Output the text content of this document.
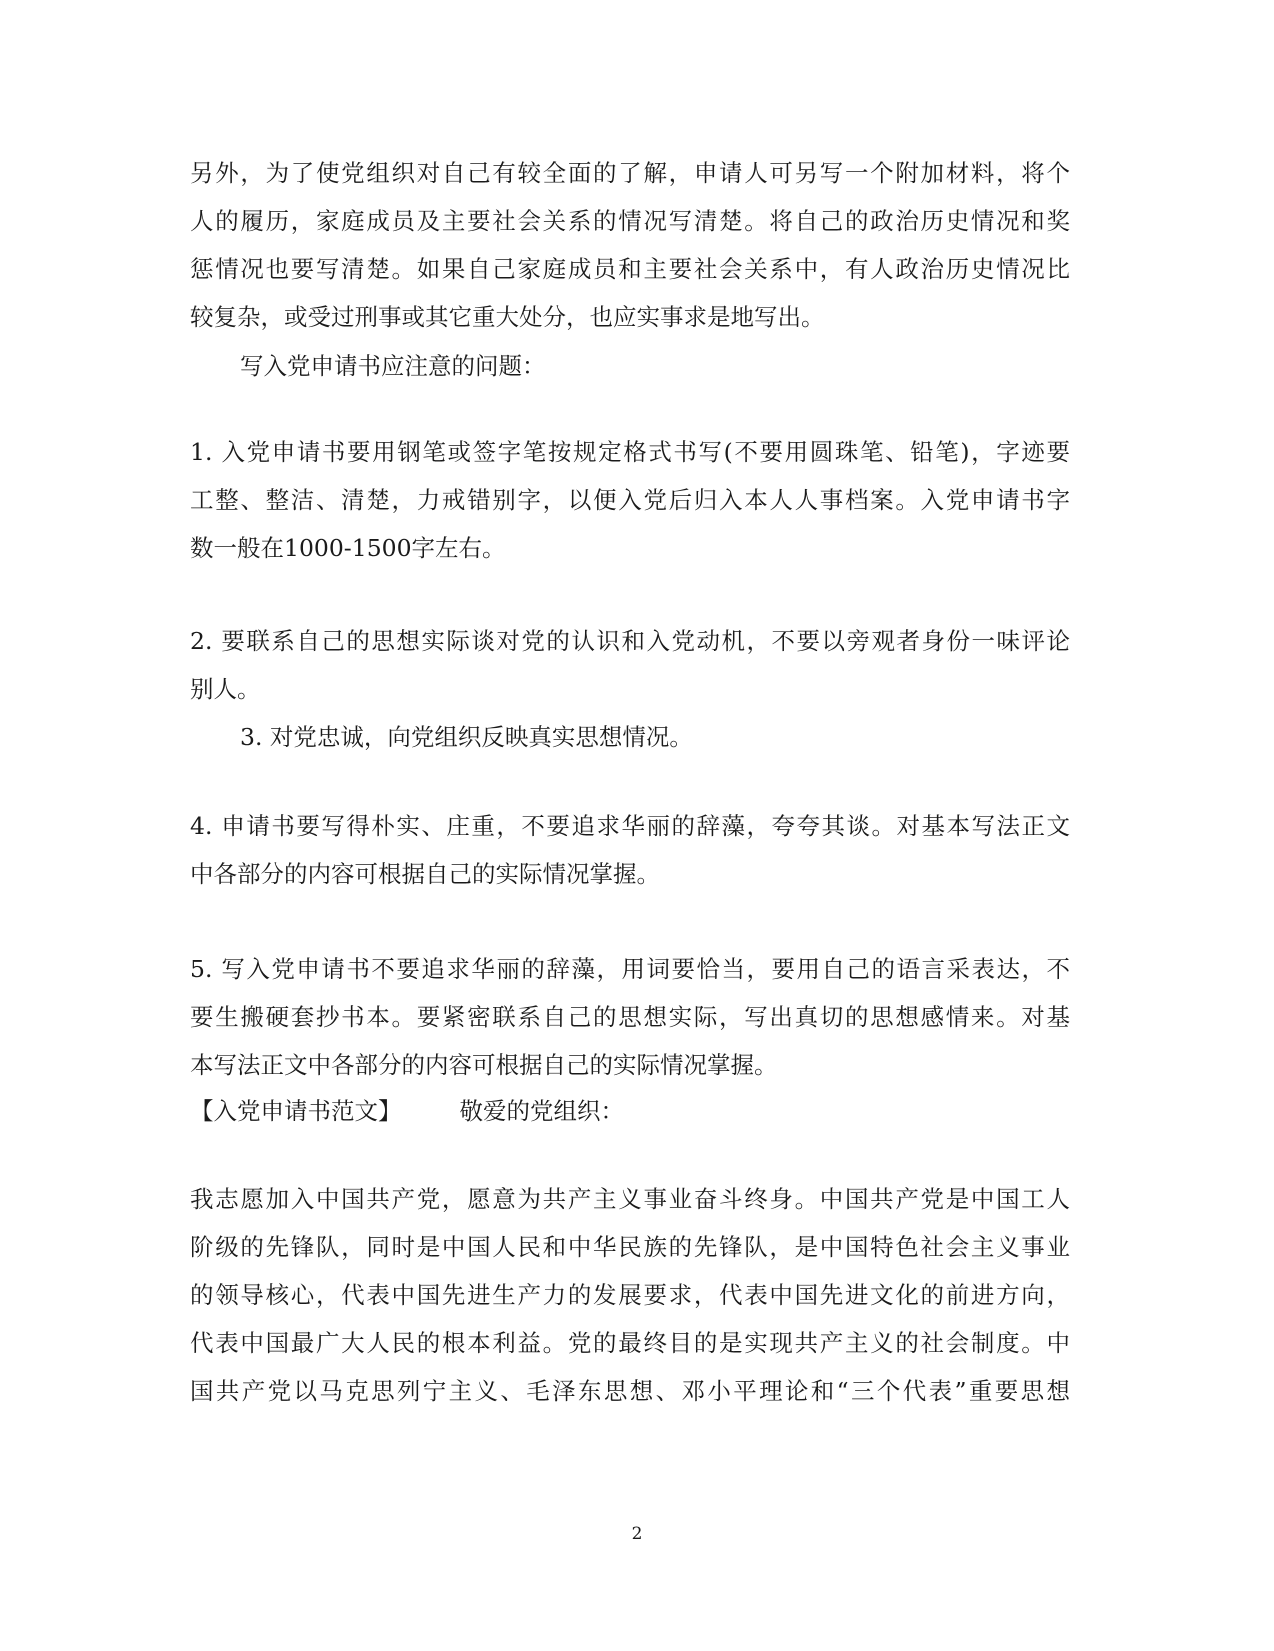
另外，为了使党组织对自己有较全面的了解，申请人可另写一个附加材料，将个
人的履历，家庭成员及主要社会关系的情况写清楚。将自己的政治历史情况和奖
惩情况也要写清楚。如果自己家庭成员和主要社会关系中，有人政治历史情况比
较复杂，或受过刑事或其它重大处分，也应实事求是地写出。
写入党申请书应注意的问题：
1. 入党申请书要用钢笔或签字笔按规定格式书写(不要用圆珠笔、铅笔)，字迹要
工整、整洁、清楚，力戒错别字，以便入党后归入本人人事档案。入党申请书字
数一般在1000-1500字左右。
2. 要联系自己的思想实际谈对党的认识和入党动机，不要以旁观者身份一味评论
别人。
3. 对党忠诚，向党组织反映真实思想情况。
4. 申请书要写得朴实、庄重，不要追求华丽的辞藻，夸夸其谈。对基本写法正文
中各部分的内容可根据自己的实际情况掌握。
5. 写入党申请书不要追求华丽的辞藻，用词要恰当，要用自己的语言采表达，不
要生搬硬套抄书本。要紧密联系自己的思想实际，写出真切的思想感情来。对基
本写法正文中各部分的内容可根据自己的实际情况掌握。
【入党申请书范文】 敬爱的党组织：
我志愿加入中国共产党，愿意为共产主义事业奋斗终身。中国共产党是中国工人
阶级的先锋队，同时是中国人民和中华民族的先锋队，是中国特色社会主义事业
的领导核心，代表中国先进生产力的发展要求，代表中国先进文化的前进方向，
代表中国最广大人民的根本利益。党的最终目的是实现共产主义的社会制度。中
国共产党以马克思列宁主义、毛泽东思想、邓小平理论和“三个代表”重要思想
2
